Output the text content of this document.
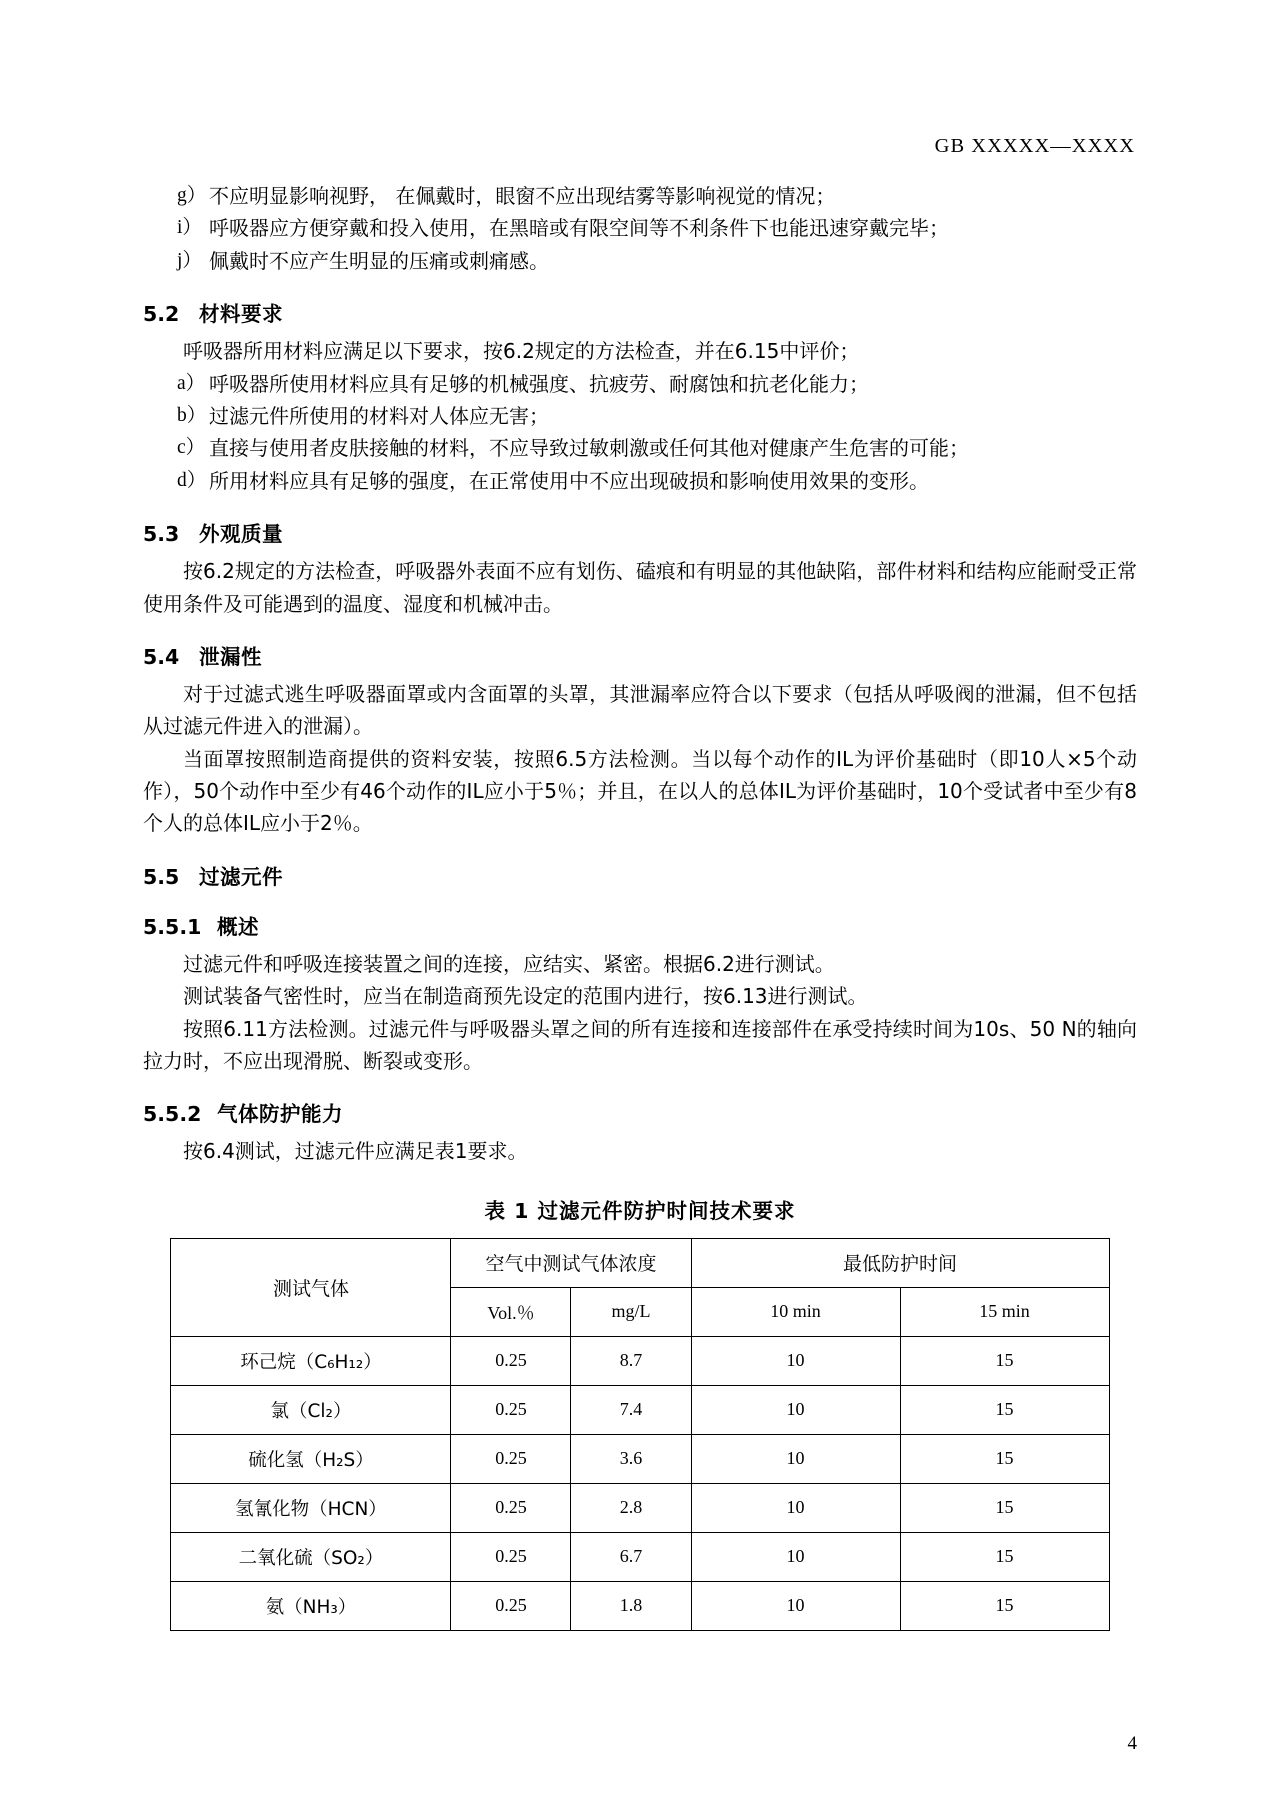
GB XXXXX—XXXX
g） 不应明显影响视野， 在佩戴时，眼窗不应出现结雾等影响视觉的情况；
i） 呼吸器应方便穿戴和投入使用，在黑暗或有限空间等不利条件下也能迅速穿戴完毕；
j） 佩戴时不应产生明显的压痛或刺痛感。
5.2 材料要求
呼吸器所用材料应满足以下要求，按6.2规定的方法检查，并在6.15中评价；
a） 呼吸器所使用材料应具有足够的机械强度、抗疲劳、耐腐蚀和抗老化能力；
b） 过滤元件所使用的材料对人体应无害；
c） 直接与使用者皮肤接触的材料，不应导致过敏刺激或任何其他对健康产生危害的可能；
d） 所用材料应具有足够的强度，在正常使用中不应出现破损和影响使用效果的变形。
5.3 外观质量
按6.2规定的方法检查，呼吸器外表面不应有划伤、磕痕和有明显的其他缺陷，部件材料和结构应能耐受正常使用条件及可能遇到的温度、湿度和机械冲击。
5.4 泄漏性
对于过滤式逃生呼吸器面罩或内含面罩的头罩，其泄漏率应符合以下要求（包括从呼吸阀的泄漏，但不包括从过滤元件进入的泄漏）。
当面罩按照制造商提供的资料安装，按照6.5方法检测。当以每个动作的IL为评价基础时（即10人×5个动作），50个动作中至少有46个动作的IL应小于5％；并且，在以人的总体IL为评价基础时，10个受试者中至少有8个人的总体IL应小于2％。
5.5 过滤元件
5.5.1 概述
过滤元件和呼吸连接装置之间的连接，应结实、紧密。根据6.2进行测试。
测试装备气密性时，应当在制造商预先设定的范围内进行，按6.13进行测试。
按照6.11方法检测。过滤元件与呼吸器头罩之间的所有连接和连接部件在承受持续时间为10s、50 N的轴向拉力时，不应出现滑脱、断裂或变形。
5.5.2 气体防护能力
按6.4测试，过滤元件应满足表1要求。
表 1 过滤元件防护时间技术要求
测试气体	空气中测试气体浓度		最低防护时间	
	Vol.％	mg/L	10 min	15 min
环己烷（C₆H₁₂）	0.25	8.7	10	15
氯（Cl₂）	0.25	7.4	10	15
硫化氢（H₂S）	0.25	3.6	10	15
氢氰化物（HCN）	0.25	2.8	10	15
二氧化硫（SO₂）	0.25	6.7	10	15
氨（NH₃）	0.25	1.8	10	15
4
